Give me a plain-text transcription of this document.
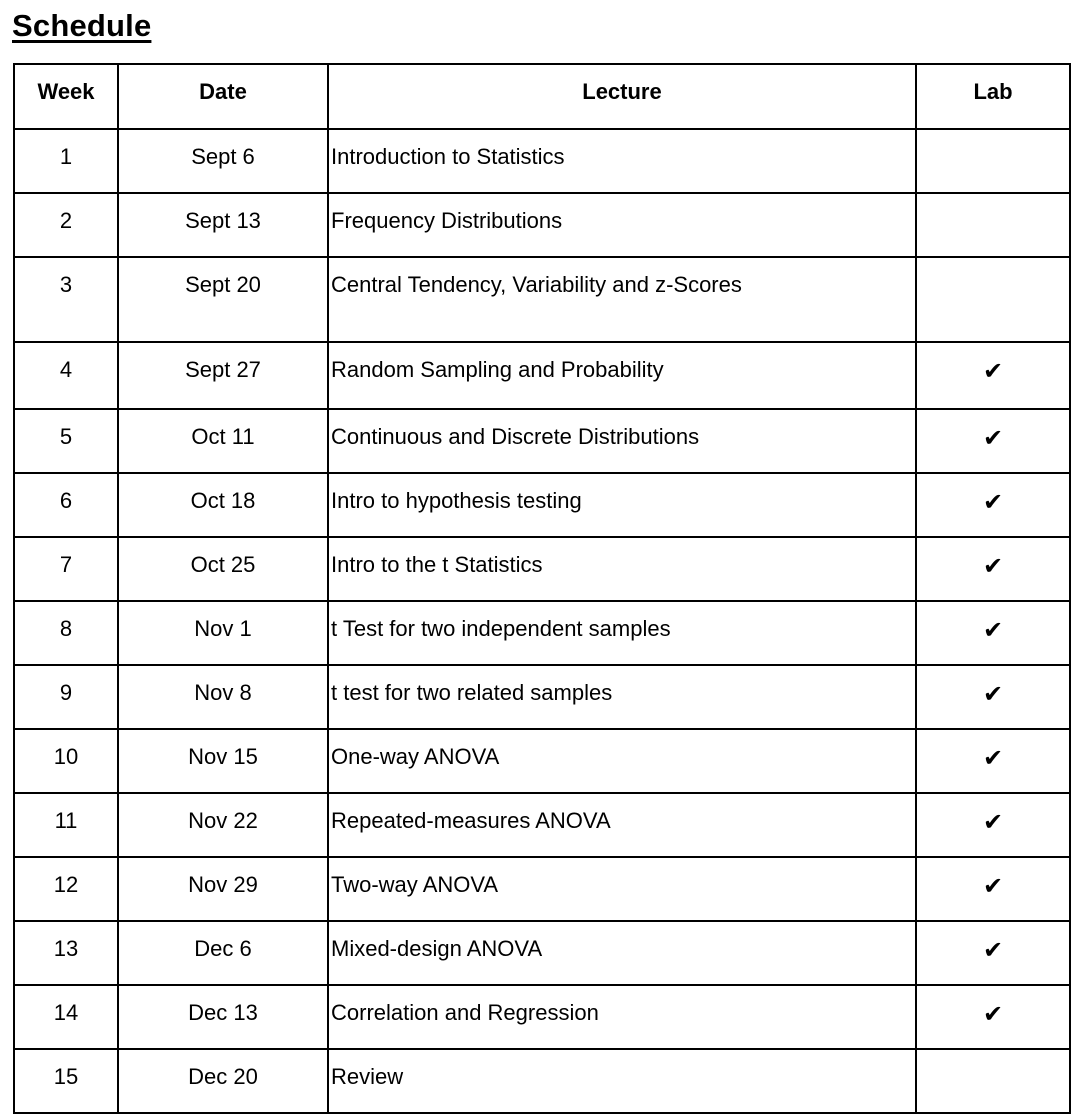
Schedule
Week	Date	Lecture	Lab

1	Sept 6	Introduction to Statistics	

2	Sept 13	Frequency Distributions	

3	Sept 20	Central Tendency, Variability and z-Scores	

4	Sept 27	Random Sampling and Probability	✔

5	Oct 11	Continuous and Discrete Distributions	✔

6	Oct 18	Intro to hypothesis testing	✔

7	Oct 25	Intro to the t Statistics	✔

8	Nov 1	t Test for two independent samples	✔

9	Nov 8	t test for two related samples	✔

10	Nov 15	One-way ANOVA	✔

11	Nov 22	Repeated-measures ANOVA	✔

12	Nov 29	Two-way ANOVA	✔

13	Dec 6	Mixed-design ANOVA	✔

14	Dec 13	Correlation and Regression	✔

15	Dec 20	Review	
